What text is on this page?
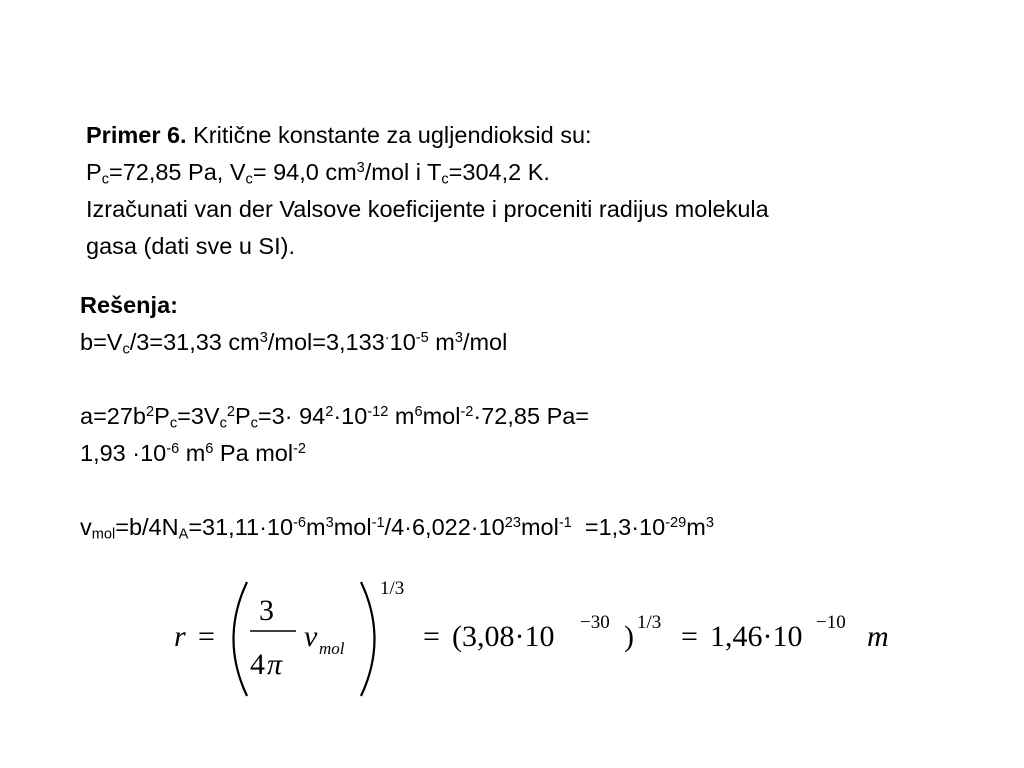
Primer 6. Kritične konstante za ugljendioksid su:
$P_c=72,85$ Pa, $V_c= 94,0$ $cm^3$/mol i $T_c=304,2$ K.
Izračunati van der Valsove koeficijente i proceniti radijus molekula
gasa (dati sve u SI).
Rešenja:
$b=V_c/3=31,33$ $cm^3/mol=3,133^\cdot 10^{-5}$ $m^3$/mol
$a=27b^2P_c=3V_c^2P_c=3\cdot 94^2\cdot 10^{-12}$ $m^6mol^{-2}\cdot 72,85$ Pa=
$1,93 \cdot 10^{-6}$ $m^6$ Pa mol$^{-2}$
$v_{mol}=b/4N_A=31,11\cdot 10^{-6}m^3mol^{-1}/4\cdot 6,022\cdot 10^{23}mol^{-1} =1,3\cdot 10^{-29}m^3$
r =
3
4 π
v mol
1/3
= (3,08·10 −30 ) 1/3 = 1,46·10 −10 m
